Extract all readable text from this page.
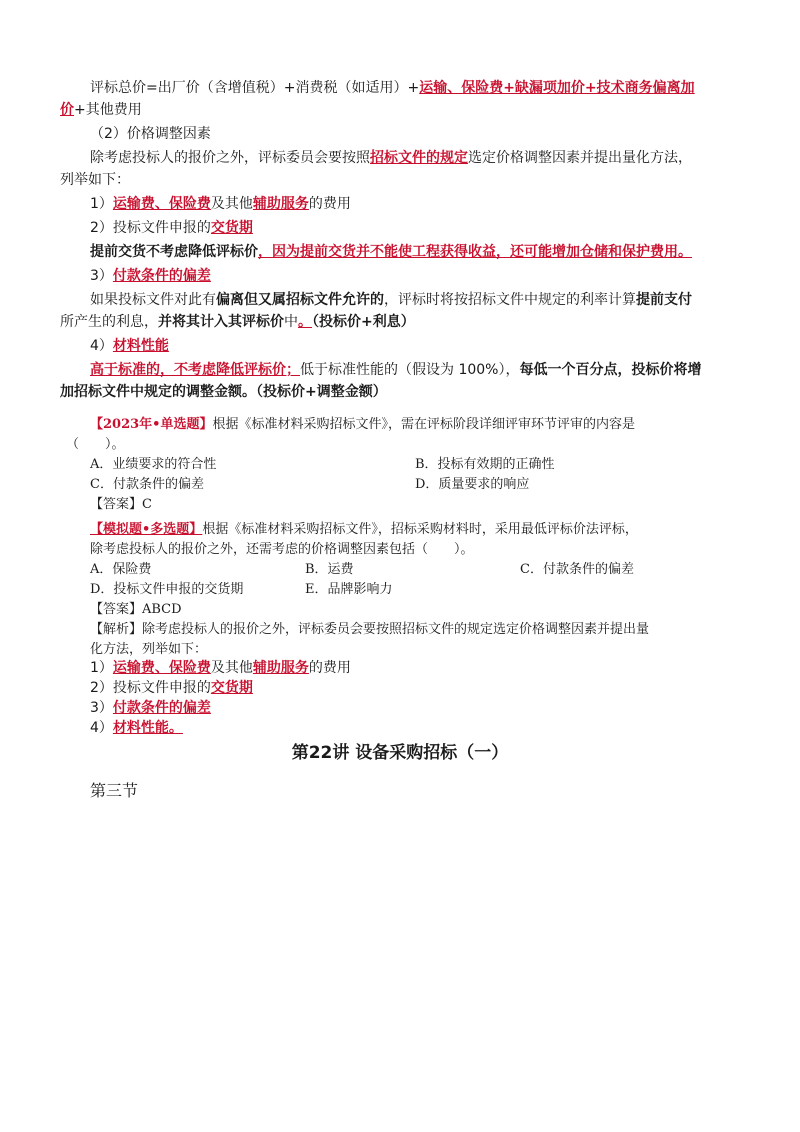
评标总价=出厂价（含增值税）+消费税（如适用）+运输、保险费+缺漏项加价+技术商务偏离加
价+其他费用
（2）价格调整因素
除考虑投标人的报价之外，评标委员会要按照招标文件的规定选定价格调整因素并提出量化方法，
列举如下：
1）运输费、保险费及其他辅助服务的费用
2）投标文件申报的交货期
提前交货不考虑降低评标价，因为提前交货并不能使工程获得收益，还可能增加仓储和保护费用。
3）付款条件的偏差
如果投标文件对此有偏离但又属招标文件允许的，评标时将按招标文件中规定的利率计算提前支付
所产生的利息，并将其计入其评标价中。（投标价+利息）
4）材料性能
高于标准的，不考虑降低评标价；低于标准性能的（假设为 100%），每低一个百分点，投标价将增
加招标文件中规定的调整金额。（投标价+调整金额）
【2023年•单选题】根据《标准材料采购招标文件》，需在评标阶段详细评审环节评审的内容是
（　　）。
A．业绩要求的符合性	B．投标有效期的正确性
C．付款条件的偏差	D．质量要求的响应
【答案】C
【模拟题•多选题】根据《标准材料采购招标文件》，招标采购材料时，采用最低评标价法评标，
除考虑投标人的报价之外，还需考虑的价格调整因素包括（　　）。
A．保险费	B．运费	C．付款条件的偏差
D．投标文件申报的交货期	E．品牌影响力
【答案】ABCD
【解析】除考虑投标人的报价之外，评标委员会要按照招标文件的规定选定价格调整因素并提出量
化方法，列举如下：
1）运输费、保险费及其他辅助服务的费用
2）投标文件申报的交货期
3）付款条件的偏差
4）材料性能。
第22讲 设备采购招标（一）
第三节
